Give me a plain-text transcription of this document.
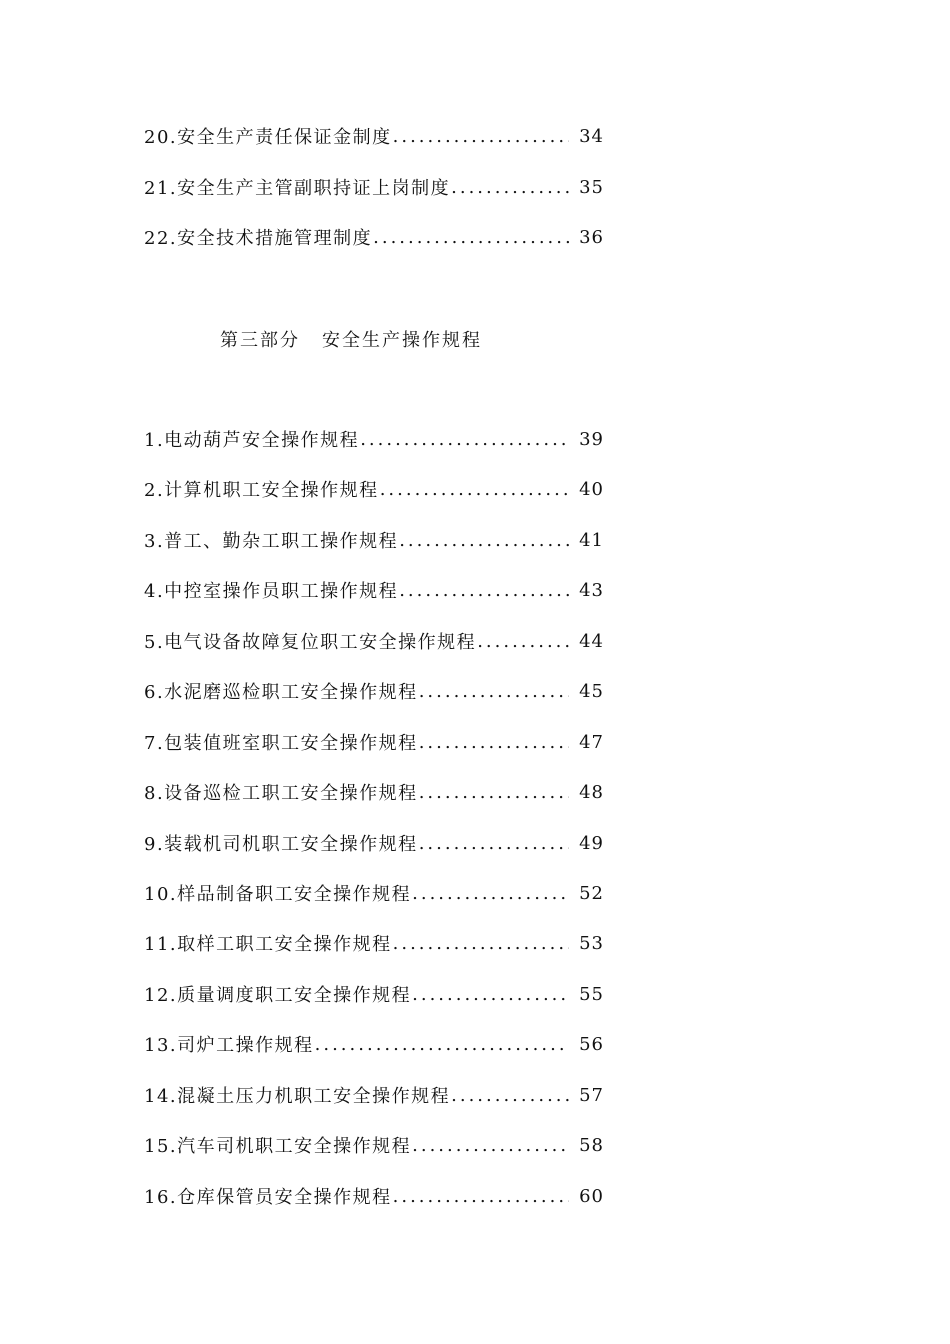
20.安全生产责任保证金制度 .....	34
21.安全生产主管副职持证上岗制度 .....	35
22.安全技术措施管理制度 .....	36
第三部分 安全生产操作规程
1.电动葫芦安全操作规程 .....	39
2.计算机职工安全操作规程 .....	40
3.普工、勤杂工职工操作规程 .....	41
4.中控室操作员职工操作规程 .....	43
5.电气设备故障复位职工安全操作规程 .....	44
6.水泥磨巡检职工安全操作规程 .....	45
7.包装值班室职工安全操作规程 .....	47
8.设备巡检工职工安全操作规程 .....	48
9.装载机司机职工安全操作规程 .....	49
10.样品制备职工安全操作规程 .....	52
11.取样工职工安全操作规程 .....	53
12.质量调度职工安全操作规程 .....	55
13.司炉工操作规程 .....	56
14.混凝土压力机职工安全操作规程 .....	57
15.汽车司机职工安全操作规程 .....	58
16.仓库保管员安全操作规程 .....	60
